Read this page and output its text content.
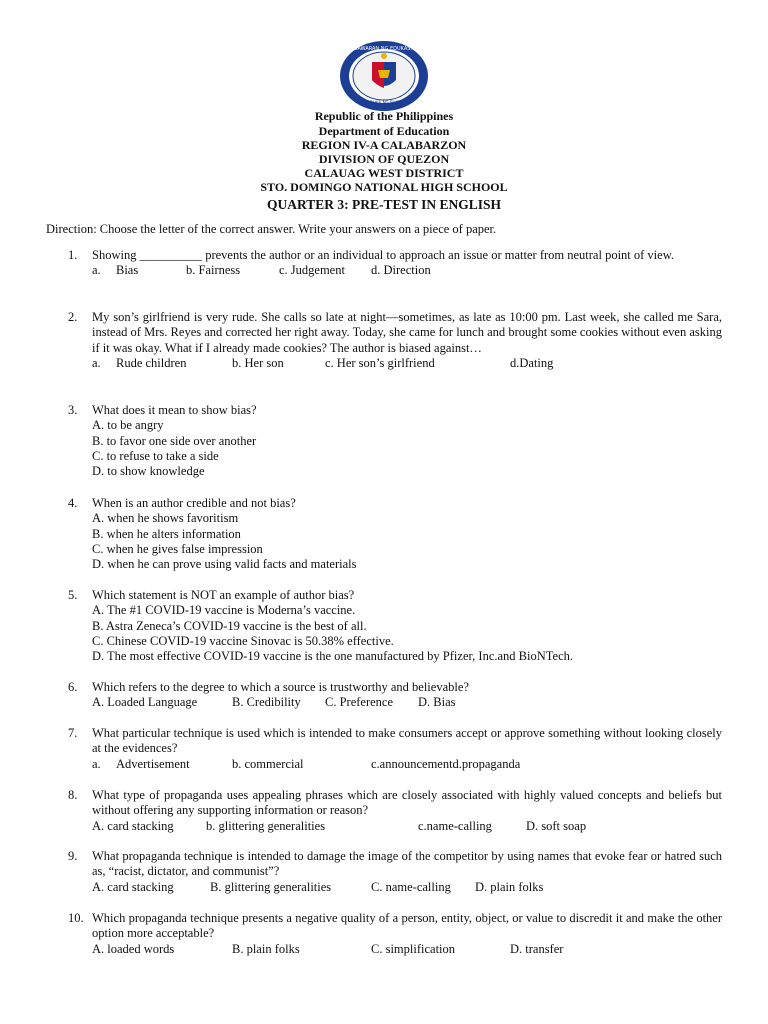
KAGAWARAN NG EDUKASYON
REPUBLIKA NG PILIPINAS
Republic of the Philippines
Department of Education
REGION IV-A CALABARZON
DIVISION OF QUEZON
CALAUAG WEST DISTRICT
STO. DOMINGO NATIONAL HIGH SCHOOL
QUARTER 3: PRE-TEST IN ENGLISH
Direction: Choose the letter of the correct answer. Write your answers on a piece of paper.
1.	Showing __________ prevents the author or an individual to approach an issue or matter from neutral point of view.
a. Bias	b. Fairness	c. Judgement d. Direction
2.	My son’s girlfriend is very rude. She calls so late at night—sometimes, as late as 10:00 pm. Last week, she called me Sara, instead of Mrs. Reyes and corrected her right away. Today, she came for lunch and brought some cookies without even asking if it was okay. What if I already made cookies? The author is biased against…
a. Rude children	b. Her son	c. Her son’s girlfriend	d.Dating
3.	What does it mean to show bias?
A. to be angry
B. to favor one side over another
C. to refuse to take a side
D. to show knowledge
4.	When is an author credible and not bias?
A. when he shows favoritism
B. when he alters information
C. when he gives false impression
D. when he can prove using valid facts and materials
5.	Which statement is NOT an example of author bias?
A. The #1 COVID-19 vaccine is Moderna’s vaccine.
B. Astra Zeneca’s COVID-19 vaccine is the best of all.
C. Chinese COVID-19 vaccine Sinovac is 50.38% effective.
D. The most effective COVID-19 vaccine is the one manufactured by Pfizer, Inc.and BioNTech.
6.	Which refers to the degree to which a source is trustworthy and believable?
A. Loaded Language	B. Credibility C. Preference D. Bias
7.	What particular technique is used which is intended to make consumers accept or approve something without looking closely at the evidences?
a. Advertisement	b. commercial	c.announcementd.propaganda
8.	What type of propaganda uses appealing phrases which are closely associated with highly valued concepts and beliefs but without offering any supporting information or reason?
A. card stacking	b. glittering generalities	c.name-calling	D. soft soap
9.	What propaganda technique is intended to damage the image of the competitor by using names that evoke fear or hatred such as, “racist, dictator, and communist”?
A. card stacking	B. glittering generalities	C. name-calling D. plain folks
10. Which propaganda technique presents a negative quality of a person, entity, object, or value to discredit it and make the other option more acceptable?
A. loaded words	B. plain folks	C. simplification	D. transfer
